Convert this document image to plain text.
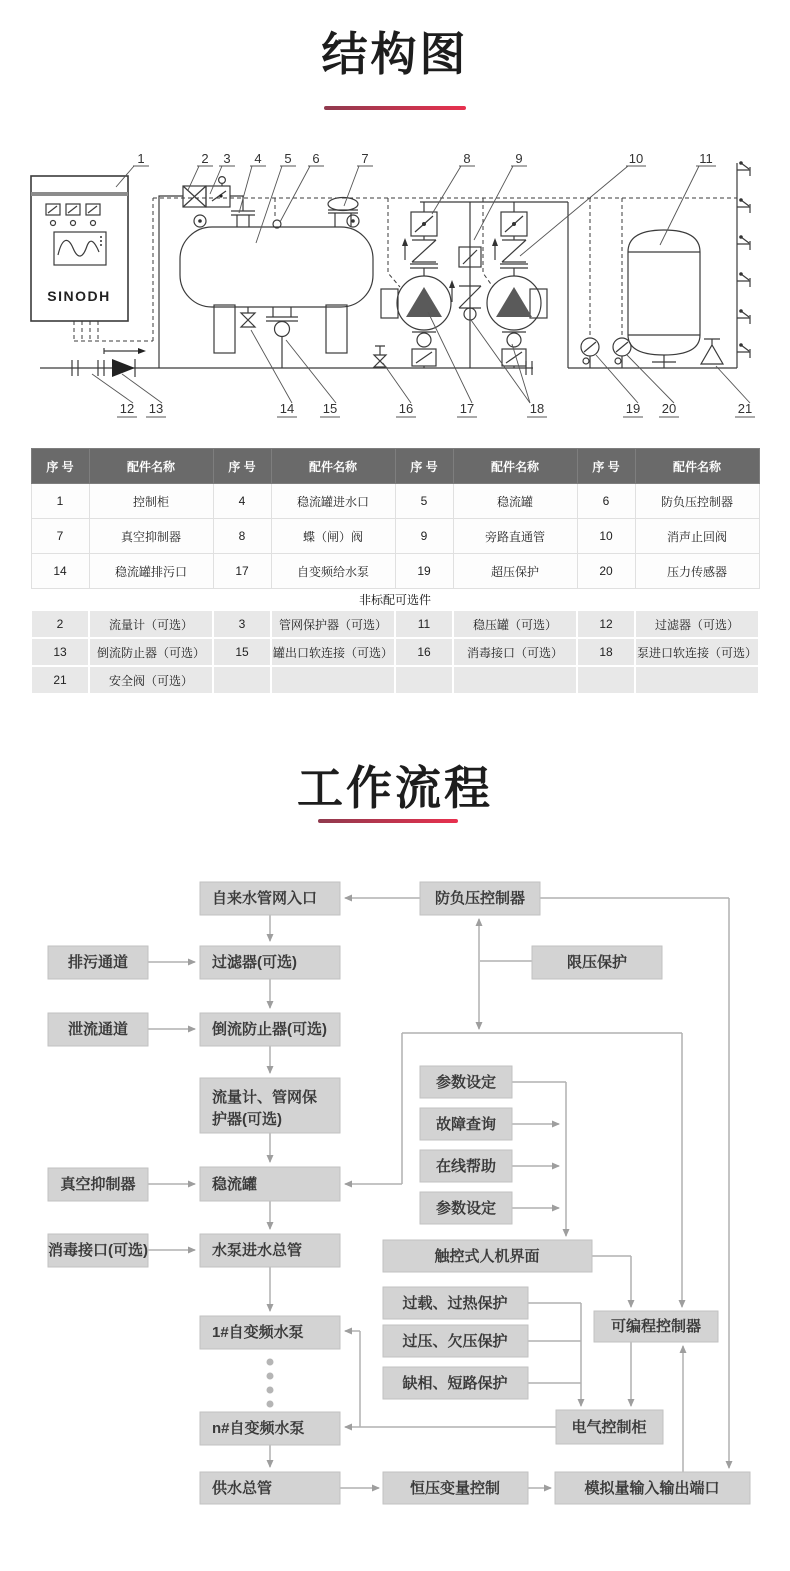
结构图
SINODH
1	2 3 4 5 6	7	8	9	10	11
12 13	14 15	16	17	18	19 20	21
序 号	配件名称	序 号	配件名称	序 号	配件名称	序 号	配件名称
1	控制柜	4	稳流罐进水口	5	稳流罐	6	防负压控制器
7	真空抑制器	8	蝶（闸）阀	9	旁路直通管	10	消声止回阀
14	稳流罐排污口	17	自变频给水泵	19	超压保护	20	压力传感器
非标配可选件							
2	流量计（可选）	3	管网保护器（可选）	11	稳压罐（可选）	12	过滤器（可选）
13	倒流防止器（可选）	15	罐出口软连接（可选）	16	消毒接口（可选）	18	泵进口软连接（可选）
21	安全阀（可选）						
工作流程
自来水管网入口	防负压控制器
排污通道	过滤器(可选)	限压保护
泄流通道	倒流防止器(可选)
流量计、管网保
护器(可选)
参数设定
故障查询
在线帮助
参数设定
真空抑制器	稳流罐
消毒接口(可选)	水泵进水总管	触控式人机界面
过载、过热保护
1#自变频水泵	可编程控制器
过压、欠压保护
缺相、短路保护
n#自变频水泵	电气控制柜
供水总管	恒压变量控制	模拟量输入输出端口
